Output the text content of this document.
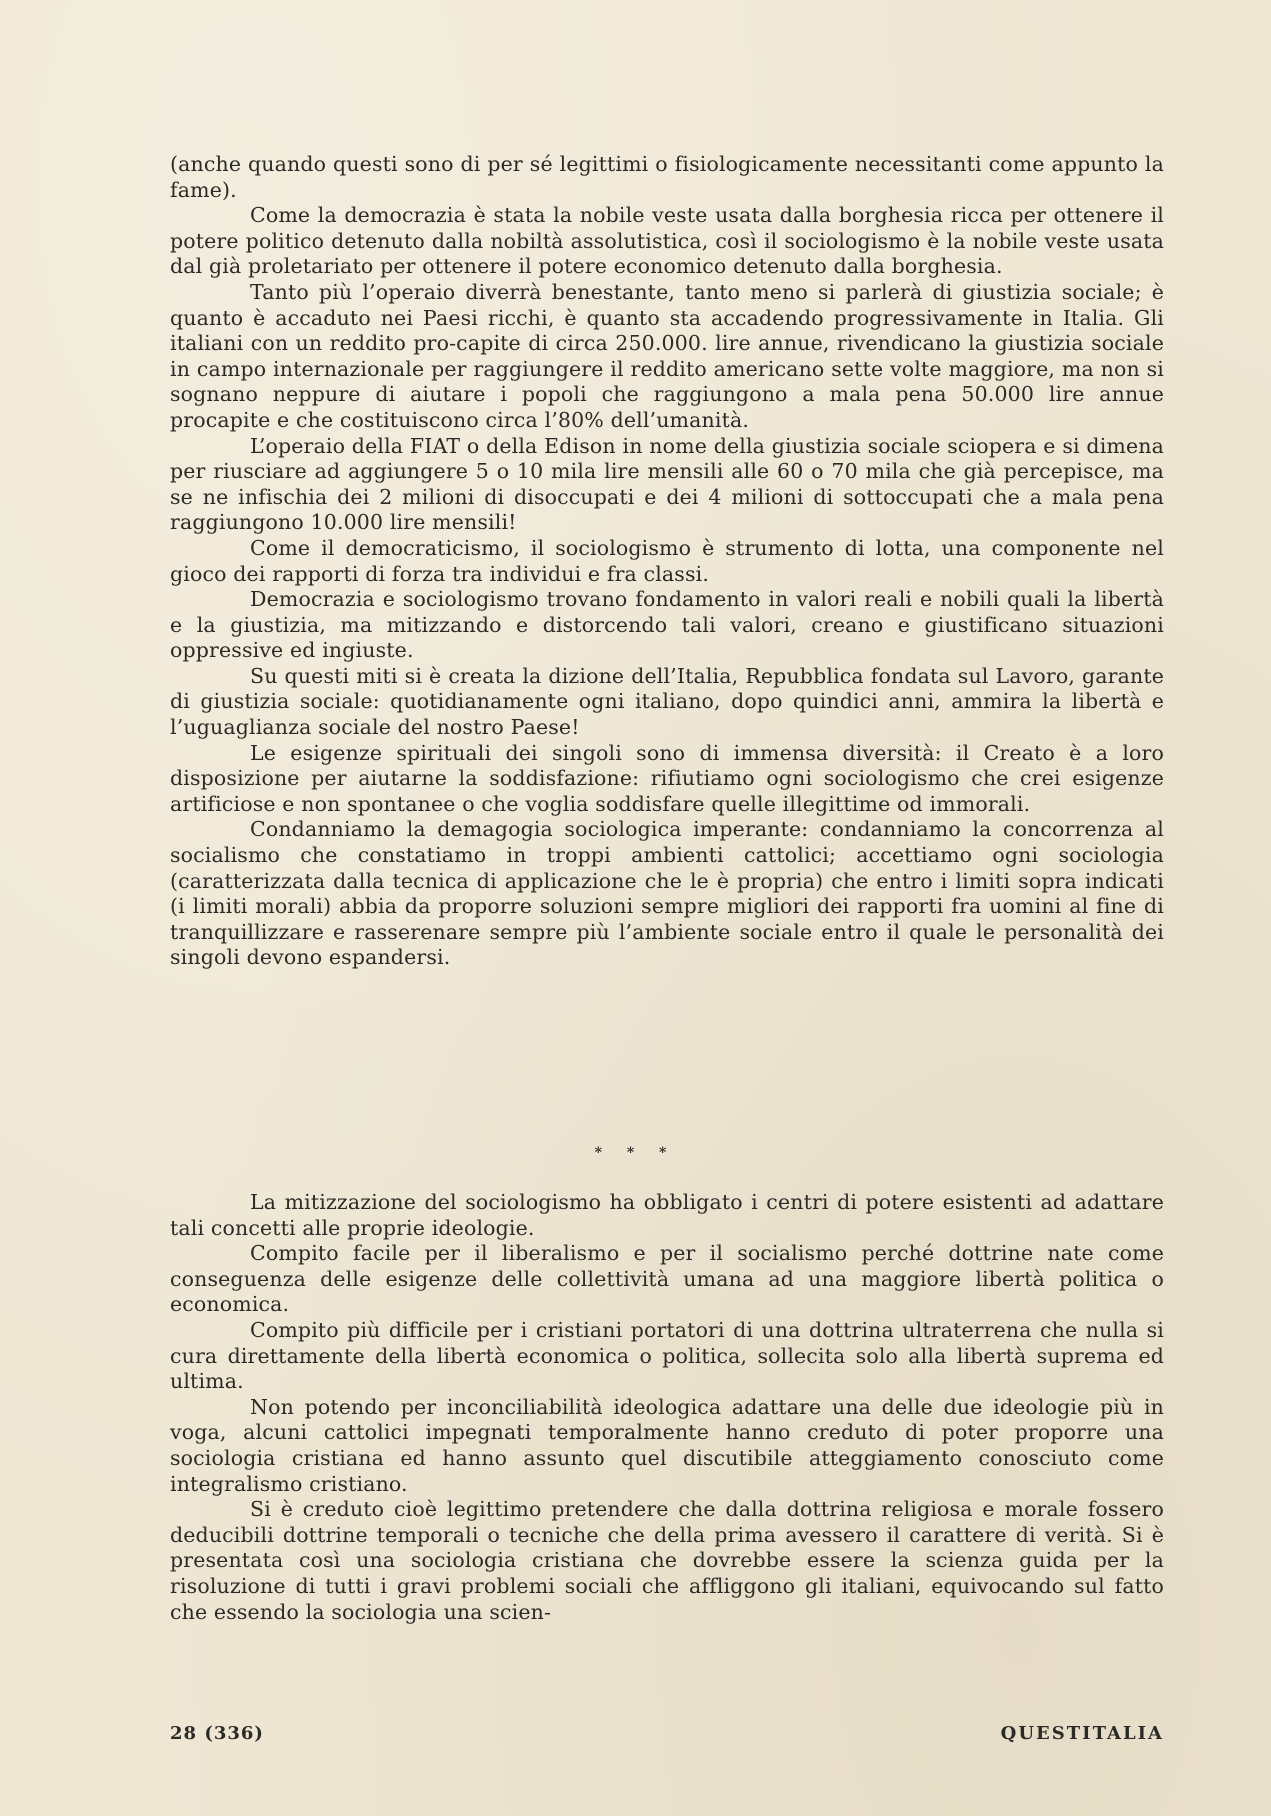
(anche quando questi sono di per sé legittimi o fisiologicamente necessitanti come appunto la fame).

Come la democrazia è stata la nobile veste usata dalla borghesia ricca per ottenere il potere politico detenuto dalla nobiltà assolutistica, così il sociologismo è la nobile veste usata dal già proletariato per ottenere il potere economico detenuto dalla borghesia.

Tanto più l’operaio diverrà benestante, tanto meno si parlerà di giustizia sociale; è quanto è accaduto nei Paesi ricchi, è quanto sta accadendo progressivamente in Italia. Gli italiani con un reddito pro-capite di circa 250.000. lire annue, rivendicano la giustizia sociale in campo internazionale per raggiungere il reddito americano sette volte maggiore, ma non si sognano neppure di aiutare i popoli che raggiungono a mala pena 50.000 lire annue procapite e che costituiscono circa l’80% dell’umanità.

L’operaio della FIAT o della Edison in nome della giustizia sociale sciopera e si dimena per riusciare ad aggiungere 5 o 10 mila lire mensili alle 60 o 70 mila che già percepisce, ma se ne infischia dei 2 milioni di disoccupati e dei 4 milioni di sottoccupati che a mala pena raggiungono 10.000 lire mensili!

Come il democraticismo, il sociologismo è strumento di lotta, una componente nel gioco dei rapporti di forza tra individui e fra classi.

Democrazia e sociologismo trovano fondamento in valori reali e nobili quali la libertà e la giustizia, ma mitizzando e distorcendo tali valori, creano e giustificano situazioni oppressive ed ingiuste.

Su questi miti si è creata la dizione dell’Italia, Repubblica fondata sul Lavoro, garante di giustizia sociale: quotidianamente ogni italiano, dopo quindici anni, ammira la libertà e l’uguaglianza sociale del nostro Paese!

Le esigenze spirituali dei singoli sono di immensa diversità: il Creato è a loro disposizione per aiutarne la soddisfazione: rifiutiamo ogni sociologismo che crei esigenze artificiose e non spontanee o che voglia soddisfare quelle illegittime od immorali.

Condanniamo la demagogia sociologica imperante: condanniamo la concorrenza al socialismo che constatiamo in troppi ambienti cattolici; accettiamo ogni sociologia (caratterizzata dalla tecnica di applicazione che le è propria) che entro i limiti sopra indicati (i limiti morali) abbia da proporre soluzioni sempre migliori dei rapporti fra uomini al fine di tranquillizzare e rasserenare sempre più l’ambiente sociale entro il quale le personalità dei singoli devono espandersi.

* * *

La mitizzazione del sociologismo ha obbligato i centri di potere esistenti ad adattare tali concetti alle proprie ideologie.

Compito facile per il liberalismo e per il socialismo perché dottrine nate come conseguenza delle esigenze delle collettività umana ad una maggiore libertà politica o economica.

Compito più difficile per i cristiani portatori di una dottrina ultraterrena che nulla si cura direttamente della libertà economica o politica, sollecita solo alla libertà suprema ed ultima.

Non potendo per inconciliabilità ideologica adattare una delle due ideologie più in voga, alcuni cattolici impegnati temporalmente hanno creduto di poter proporre una sociologia cristiana ed hanno assunto quel discutibile atteggiamento conosciuto come integralismo cristiano.

Si è creduto cioè legittimo pretendere che dalla dottrina religiosa e morale fossero deducibili dottrine temporali o tecniche che della prima avessero il carattere di verità. Si è presentata così una sociologia cristiana che dovrebbe essere la scienza guida per la risoluzione di tutti i gravi problemi sociali che affliggono gli italiani, equivocando sul fatto che essendo la sociologia una scien-

28 (336)	QUESTITALIA
